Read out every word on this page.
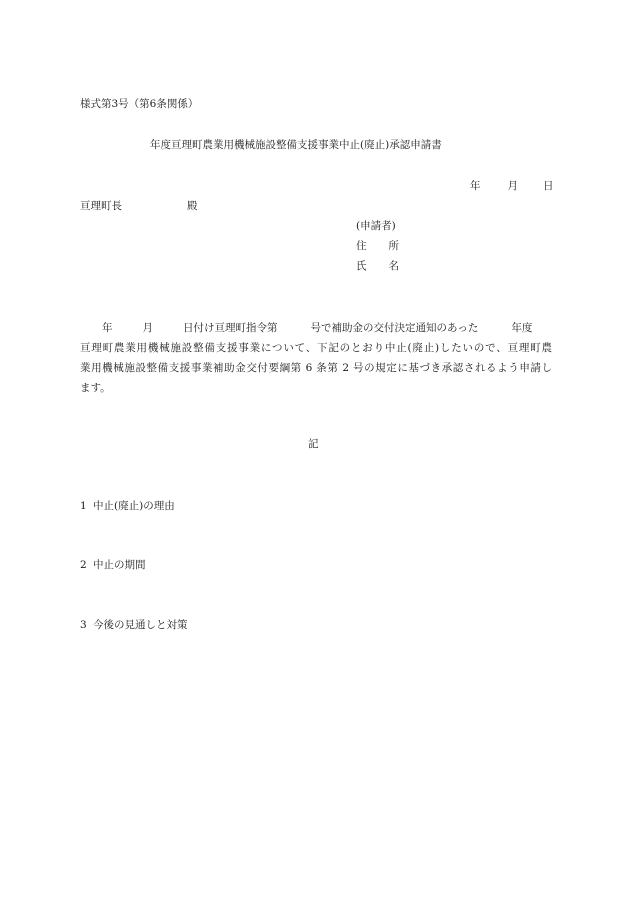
様式第3号（第6条関係）
年度亘理町農業用機械施設整備支援事業中止(廃止)承認申請書
年	月 日
亘理町長	殿
(申請者)
住 所
氏 名
年	月	日付け亘理町指令第	号で補助金の交付決定通知のあった	年度
亘理町農業用機械施設整備支援事業について、下記のとおり中止(廃止)したいので、亘理町農
業用機械施設整備支援事業補助金交付要綱第 6 条第 2 号の規定に基づき承認されるよう申請し
ます。
記
1 中止(廃止)の理由
2 中止の期間
3 今後の見通しと対策
